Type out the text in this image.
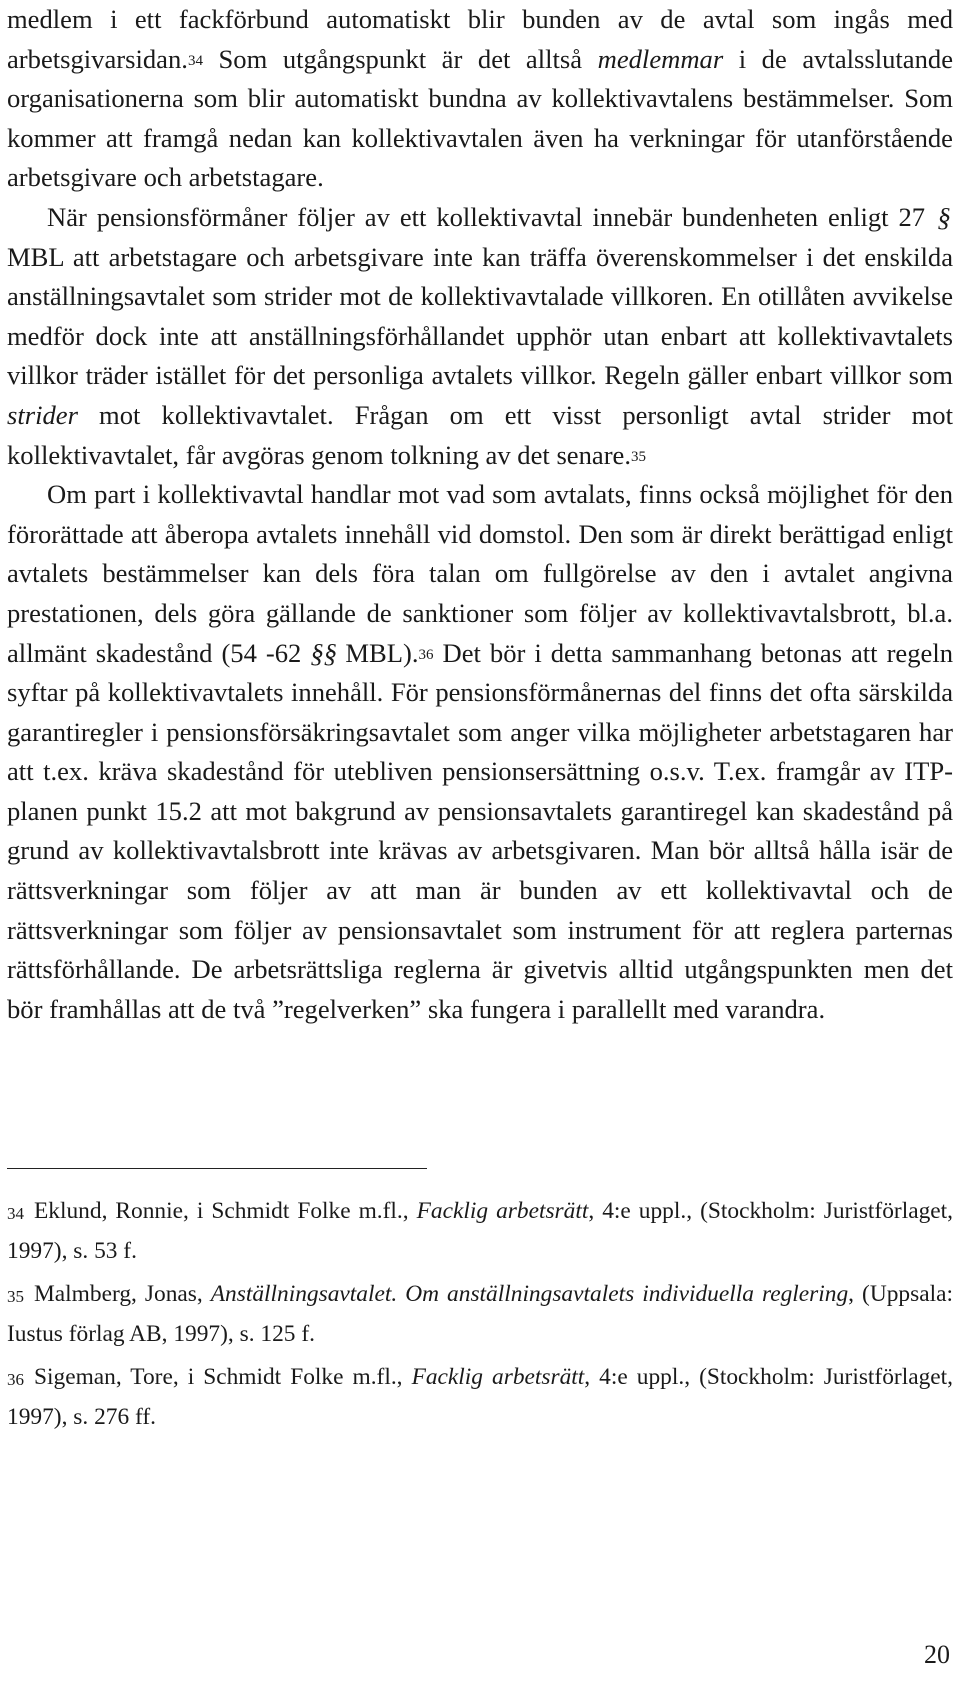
medlem i ett fackförbund automatiskt blir bunden av de avtal som ingås med arbetsgivarsidan.$^{34}$ Som utgångspunkt är det alltså medlemmar i de avtalsslutande organisationerna som blir automatiskt bundna av kollektivavtalens bestämmelser. Som kommer att framgå nedan kan kollektivavtalen även ha verkningar för utanförstående arbetsgivare och arbetstagare.

När pensionsförmåner följer av ett kollektivavtal innebär bundenheten enligt 27 § MBL att arbetstagare och arbetsgivare inte kan träffa överenskommelser i det enskilda anställningsavtalet som strider mot de kollektivavtalade villkoren. En otillåten avvikelse medför dock inte att anställningsförhållandet upphör utan enbart att kollektivavtalets villkor träder istället för det personliga avtalets villkor. Regeln gäller enbart villkor som strider mot kollektivavtalet. Frågan om ett visst personligt avtal strider mot kollektivavtalet, får avgöras genom tolkning av det senare.$^{35}$

Om part i kollektivavtal handlar mot vad som avtalats, finns också möjlighet för den förorättade att åberopa avtalets innehåll vid domstol. Den som är direkt berättigad enligt avtalets bestämmelser kan dels föra talan om fullgörelse av den i avtalet angivna prestationen, dels göra gällande de sanktioner som följer av kollektivavtalsbrott, bl.a. allmänt skadestånd (54 -62 §§ MBL).$^{36}$ Det bör i detta sammanhang betonas att regeln syftar på kollektivavtalets innehåll. För pensionsförmånernas del finns det ofta särskilda garantiregler i pensionsförsäkringsavtalet som anger vilka möjligheter arbetstagaren har att t.ex. kräva skadestånd för utebliven pensionsersättning o.s.v. T.ex. framgår av ITP-planen punkt 15.2 att mot bakgrund av pensionsavtalets garantiregel kan skadestånd på grund av kollektivavtalsbrott inte krävas av arbetsgivaren. Man bör alltså hålla isär de rättsverkningar som följer av att man är bunden av ett kollektivavtal och de rättsverkningar som följer av pensionsavtalet som instrument för att reglera parternas rättsförhållande. De arbetsrättsliga reglerna är givetvis alltid utgångspunkten men det bör framhållas att de två ”regelverken” ska fungera i parallellt med varandra.

$^{34}$ Eklund, Ronnie, i Schmidt Folke m.fl., Facklig arbetsrätt, 4:e uppl., (Stockholm: Juristförlaget, 1997), s. 53 f.

$^{35}$ Malmberg, Jonas, Anställningsavtalet. Om anställningsavtalets individuella reglering, (Uppsala: Iustus förlag AB, 1997), s. 125 f.

$^{36}$ Sigeman, Tore, i Schmidt Folke m.fl., Facklig arbetsrätt, 4:e uppl., (Stockholm: Juristförlaget, 1997), s. 276 ff.

20
